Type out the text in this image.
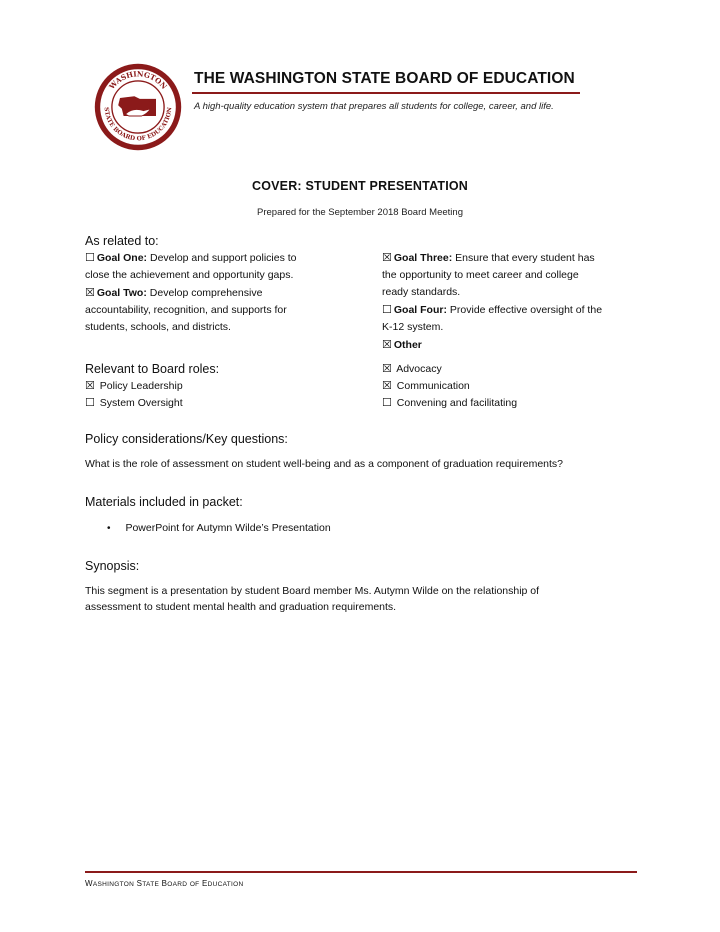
WASHINGTON
STATE BOARD OF EDUCATION
THE WASHINGTON STATE BOARD OF EDUCATION
A high-quality education system that prepares all students for college, career, and life.
COVER: STUDENT PRESENTATION
Prepared for the September 2018 Board Meeting
As related to:
☐ Goal One: Develop and support policies to
close the achievement and opportunity gaps.
☒ Goal Two: Develop comprehensive
accountability, recognition, and supports for
students, schools, and districts.
☒ Goal Three: Ensure that every student has
the opportunity to meet career and college
ready standards.
☐ Goal Four: Provide effective oversight of the
K-12 system.
☒ Other
Relevant to Board roles:
☒ Policy Leadership
☐ System Oversight
☒ Advocacy
☒ Communication
☐ Convening and facilitating
Policy considerations/Key questions:
What is the role of assessment on student well-being and as a component of graduation requirements?
Materials included in packet:
• PowerPoint for Autymn Wilde’s Presentation
Synopsis:
This segment is a presentation by student Board member Ms. Autymn Wilde on the relationship of
assessment to student mental health and graduation requirements.
WASHINGTON STATE BOARD OF EDUCATION
